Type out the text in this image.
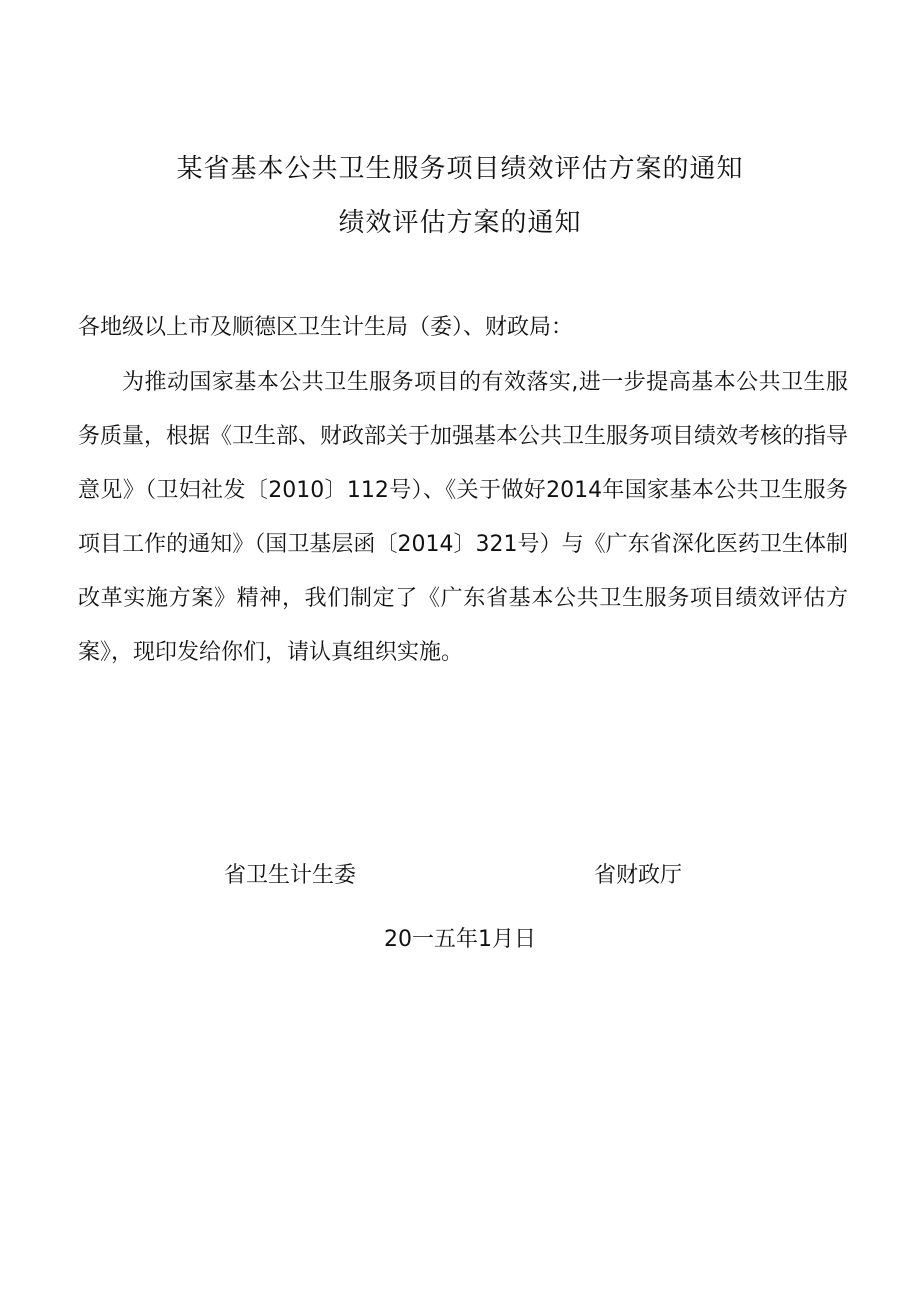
某省基本公共卫生服务项目绩效评估方案的通知
绩效评估方案的通知
各地级以上市及顺德区卫生计生局（委）、财政局：

为推动国家基本公共卫生服务项目的有效落实,进一步提高基本公共卫生服务质量，根据《卫生部、财政部关于加强基本公共卫生服务项目绩效考核的指导意见》（卫妇社发〔2010〕112号）、《关于做好2014年国家基本公共卫生服务项目工作的通知》（国卫基层函〔2014〕321号）与《广东省深化医药卫生体制改革实施方案》精神，我们制定了《广东省基本公共卫生服务项目绩效评估方案》，现印发给你们，请认真组织实施。

省卫生计生委	省财政厅
20一五年1月日
